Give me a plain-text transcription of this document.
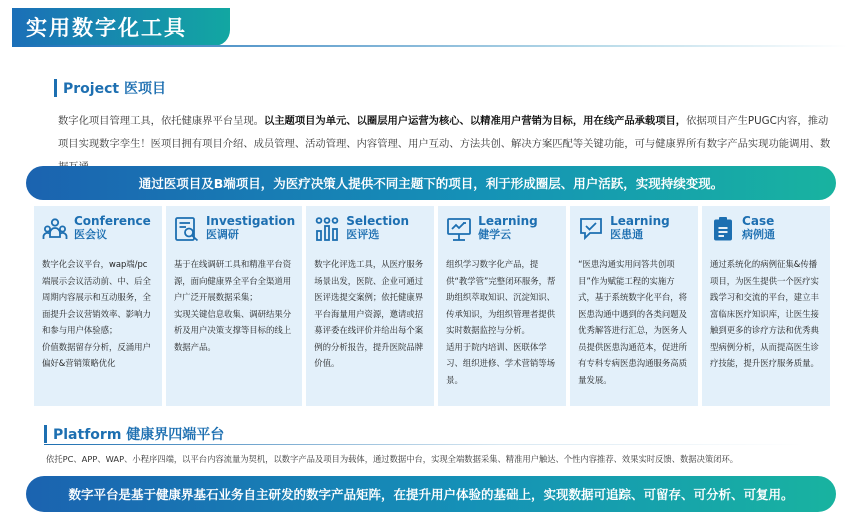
实用数字化工具
Project 医项目
数字化项目管理工具，依托健康界平台呈现。以主题项目为单元、以圈层用户运营为核心、以精准用户营销为目标，用在线产品承载项目，依据项目产生PUGC内容，推动项目实现数字孪生！医项目拥有项目介绍、成员管理、活动管理、内容管理、用户互动、方法共创、解决方案匹配等关键功能，可与健康界所有数字产品实现功能调用、数
通过医项目及B端项目，为医疗决策人提供不同主题下的项目，利于形成圈层、用户活跃，实现持续变现。
Conference
医会议

数字化会议平台，wap端/pc端展示会议活动前、中、后全周期内容展示和互动服务，全面提升会议营销效率、影响力和参与用户体验感；

价值数据留存分析，反涌用户偏好&营销策略优化

Investigation
医调研

基于在线调研工具和精准平台资源，面向健康界全平台全渠道用户广泛开展数据采集；

实现关键信息收集、调研结果分析及用户决策支撑等目标的线上数据产品。

Selection
医评选

数字化评选工具，从医疗服务场景出发，医院、企业可通过医评选提交案例；依托健康界平台海量用户资源，邀请或招募评委在线评价并给出每个案例的分析报告，提升医院品牌价值。

Learning
健学云

组织学习数字化产品，提供“教学管”完整闭环服务，帮助组织萃取知识、沉淀知识、传承知识，为组织管理者提供实时数据监控与分析。

适用于院内培训、医联体学习、组织进修、学术营销等场景。

Learning
医患通

“医患沟通实用问答共创项目”作为赋能工程的实施方式，基于系统数字化平台，将医患沟通中遇到的各类问题及优秀解答进行汇总，为医务人员提供医患沟通范本，促进所有专科专病医患沟通服务高质量发展。

Case
病例通

通过系统化的病例征集&传播项目，为医生提供一个医疗实践学习和交流的平台，建立丰富临床医疗知识库，让医生接触到更多的诊疗方法和优秀典型病例分析，从而提高医生诊疗技能，提升医疗服务质量。

Platform 健康界四端平台
依托PC、APP、WAP、小程序四端，以平台内容流量为契机，以数字产品及项目为载体，通过数据中台，实现全端数据采集、精准用户触达、个性内容推荐、效果实时反馈、数据决策闭环。
数字平台是基于健康界基石业务自主研发的数字产品矩阵，在提升用户体验的基础上，实现数据可追踪、可留存、可分析、可复用。
